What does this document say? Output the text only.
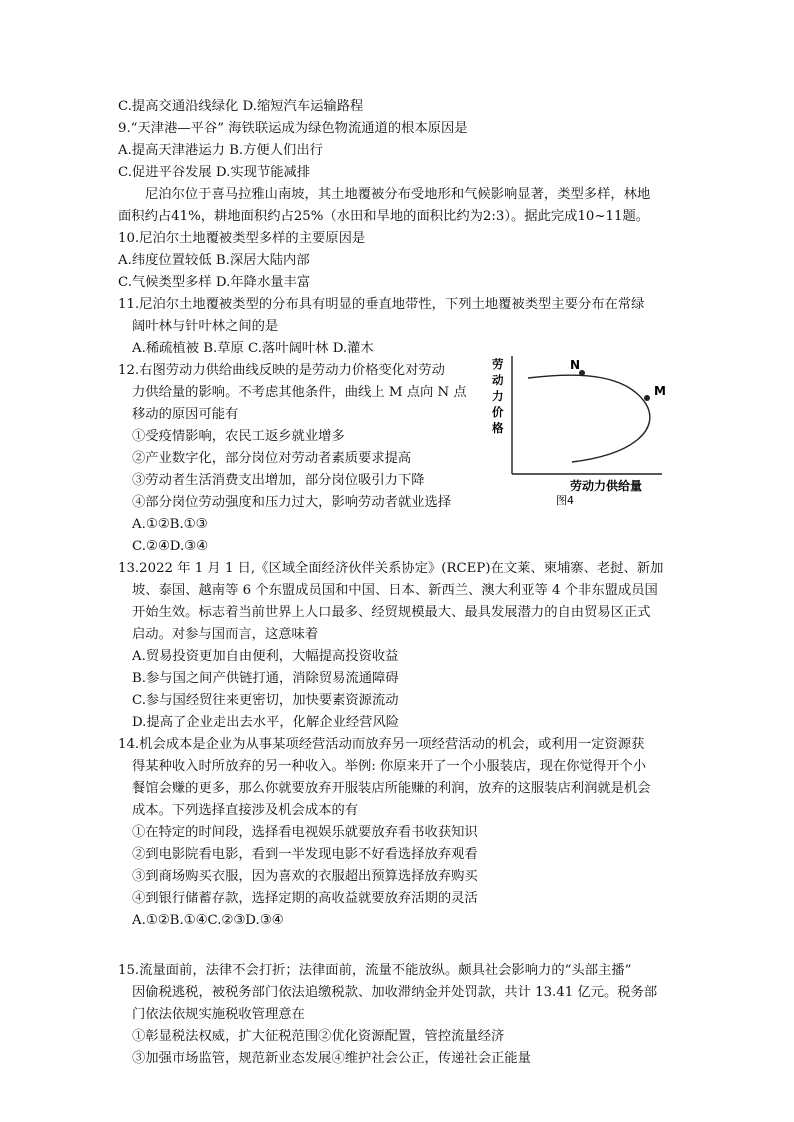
C.提高交通沿线绿化 D.缩短汽车运输路程
9.“天津港—平谷” 海铁联运成为绿色物流通道的根本原因是
A.提高天津港运力 B.方便人们出行
C.促进平谷发展 D.实现节能减排
尼泊尔位于喜马拉雅山南坡，其土地覆被分布受地形和气候影响显著，类型多样，林地
面积约占41%，耕地面积约占25%（水田和旱地的面积比约为2:3）。据此完成10~11题。
10.尼泊尔土地覆被类型多样的主要原因是
A.纬度位置较低 B.深居大陆内部
C.气候类型多样 D.年降水量丰富
11.尼泊尔土地覆被类型的分布具有明显的垂直地带性，下列土地覆被类型主要分布在常绿
阔叶林与针叶林之间的是
A.稀疏植被 B.草原 C.落叶阔叶林 D.灌木
12.右图劳动力供给曲线反映的是劳动力价格变化对劳动
力供给量的影响。不考虑其他条件，曲线上 M 点向 N 点
移动的原因可能有
①受疫情影响，农民工返乡就业增多
②产业数字化，部分岗位对劳动者素质要求提高
③劳动者生活消费支出增加，部分岗位吸引力下降
④部分岗位劳动强度和压力过大，影响劳动者就业选择
A.①②B.①③
C.②④D.③④
13.2022 年 1 月 1 日,《区域全面经济伙伴关系协定》(RCEP)在文莱、柬埔寨、老挝、新加
坡、泰国、越南等 6 个东盟成员国和中国、日本、新西兰、澳大利亚等 4 个非东盟成员国
开始生效。标志着当前世界上人口最多、经贸规模最大、最具发展潜力的自由贸易区正式
启动。对参与国而言，这意味着
A.贸易投资更加自由便利，大幅提高投资收益
B.参与国之间产供链打通，消除贸易流通障碍
C.参与国经贸往来更密切，加快要素资源流动
D.提高了企业走出去水平，化解企业经营风险
14.机会成本是企业为从事某项经营活动而放弃另一项经营活动的机会，或利用一定资源获
得某种收入时所放弃的另一种收入。举例: 你原来开了一个小服装店，现在你觉得开个小
餐馆会赚的更多，那么你就要放弃开服装店所能赚的利润，放弃的这服装店利润就是机会
成本。下列选择直接涉及机会成本的有
①在特定的时间段，选择看电视娱乐就要放弃看书收获知识
②到电影院看电影，看到一半发现电影不好看选择放弃观看
③到商场购买衣服，因为喜欢的衣服超出预算选择放弃购买
④到银行储蓄存款，选择定期的高收益就要放弃活期的灵活
A.①②B.①④C.②③D.③④
15.流量面前，法律不会打折；法律面前，流量不能放纵。颇具社会影响力的“头部主播”
因偷税逃税，被税务部门依法追缴税款、加收滞纳金并处罚款，共计 13.41 亿元。税务部
门依法依规实施税收管理意在
①彰显税法权威，扩大征税范围②优化资源配置，管控流量经济
③加强市场监管，规范新业态发展④维护社会公正，传递社会正能量
N
M
劳
动
力
价
格
劳动力供给量
图4
